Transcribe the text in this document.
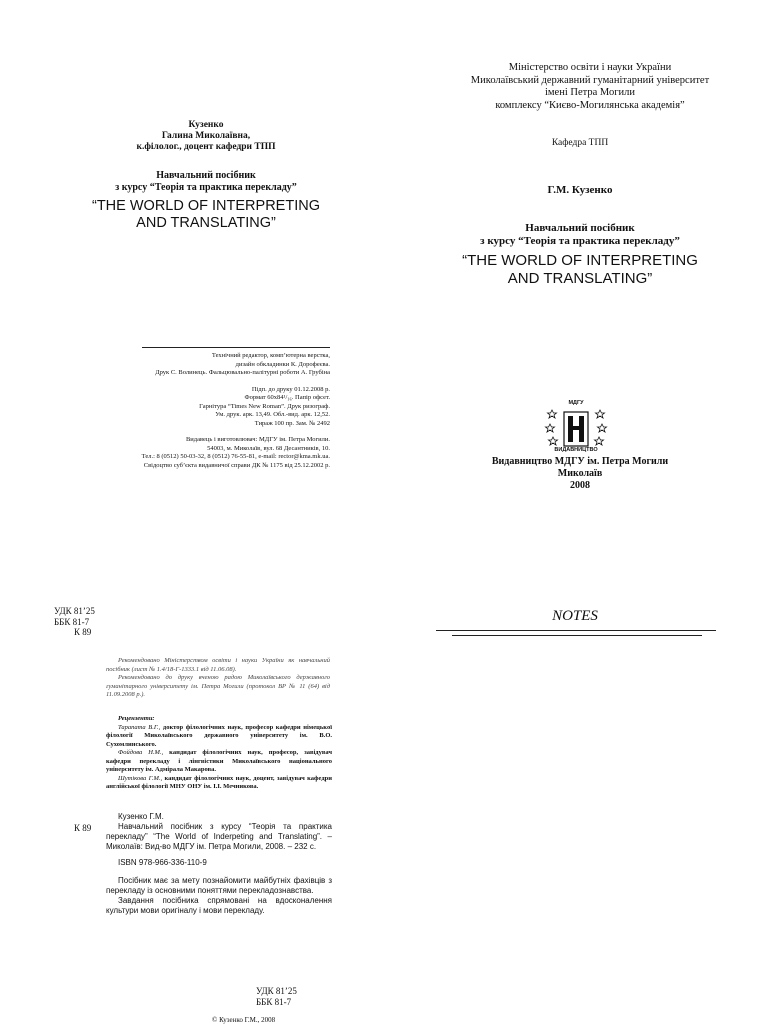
Кузенко
Галина Миколаївна,
к.філолог., доцент кафедри ТПП
Навчальний посібник
з курсу “Теорія та практика перекладу”
“THE WORLD OF INTERPRETING
AND TRANSLATING”
Технічний редактор, комп’ютерна верстка,
дизайн обкладинки К. Дорофеєва.
Друк С. Волинець. Фальцювально-палітурні роботи А. Грубіна
Підп. до друку 01.12.2008 р.
Формат 60х84¹/₁₆. Папір офсет.
Гарнітура “Times New Roman”. Друк ризограф.
Ум. друк. арк. 13,49. Обл.-вид. арк. 12,52.
Тираж 100 пр. Зам. № 2492
Видавець і виготовлювач: МДГУ ім. Петра Могили.
54003, м. Миколаїв, вул. 68 Десантників, 10.
Тел.: 8 (0512) 50-03-32, 8 (0512) 76-55-81, e-mail: rector@kma.mk.ua.
Свідоцтво суб’єкта видавничої справи ДК № 1175 від 25.12.2002 р.
Міністерство освіти і науки України
Миколаївський державний гуманітарний університет
імені Петра Могили
комплексу “Києво-Могилянська академія”
Кафедра ТПП
Г.М. Кузенко
Навчальний посібник
з курсу “Теорія та практика перекладу”
“THE WORLD OF INTERPRETING
AND TRANSLATING”
МДГУ
ВИДАВНИЦТВО
Видавництво МДГУ ім. Петра Могили
Миколаїв
2008
УДК 81’25
ББК 81-7
К 89
Рекомендовано Міністерством освіти і науки України як навчальний посібник (лист № 1.4/18-Г-1333.1 від 11.06.08).
Рекомендовано до друку вченою радою Миколаївського державного гуманітарного університету ім. Петра Могили (протокол ВР № 11 (64) від 11.09.2008 р.).
Рецензенти:
Тарапата В.Г., доктор філологічних наук, професор кафедри німецької філології Миколаївського державного університету ім. В.О. Сухомлинського.
Фойдова Н.М., кандидат філологічних наук, професор, завідувач кафедри перекладу і лінгвістики Миколаївського національного університету ім. Адмірала Макарова.
Шутікова Г.М., кандидат філологічних наук, доцент, завідувач кафедри англійської філології МНУ ОНУ ім. І.І. Мечникова.
К 89
Кузенко Г.М.
Навчальний посібник з курсу “Теорія та практика перекладу” “The World of Inderpeting and Translating”. – Миколаїв: Вид-во МДГУ ім. Петра Могили, 2008. – 232 с.
ISBN 978-966-336-110-9
Посібник має за мету познайомити майбутніх фахівців з перекладу із основними поняттями перекладознавства.
Завдання посібника спрямовані на вдосконалення культури мови оригіналу і мови перекладу.
УДК 81’25
ББК 81-7
© Кузенко Г.М., 2008
NOTES
